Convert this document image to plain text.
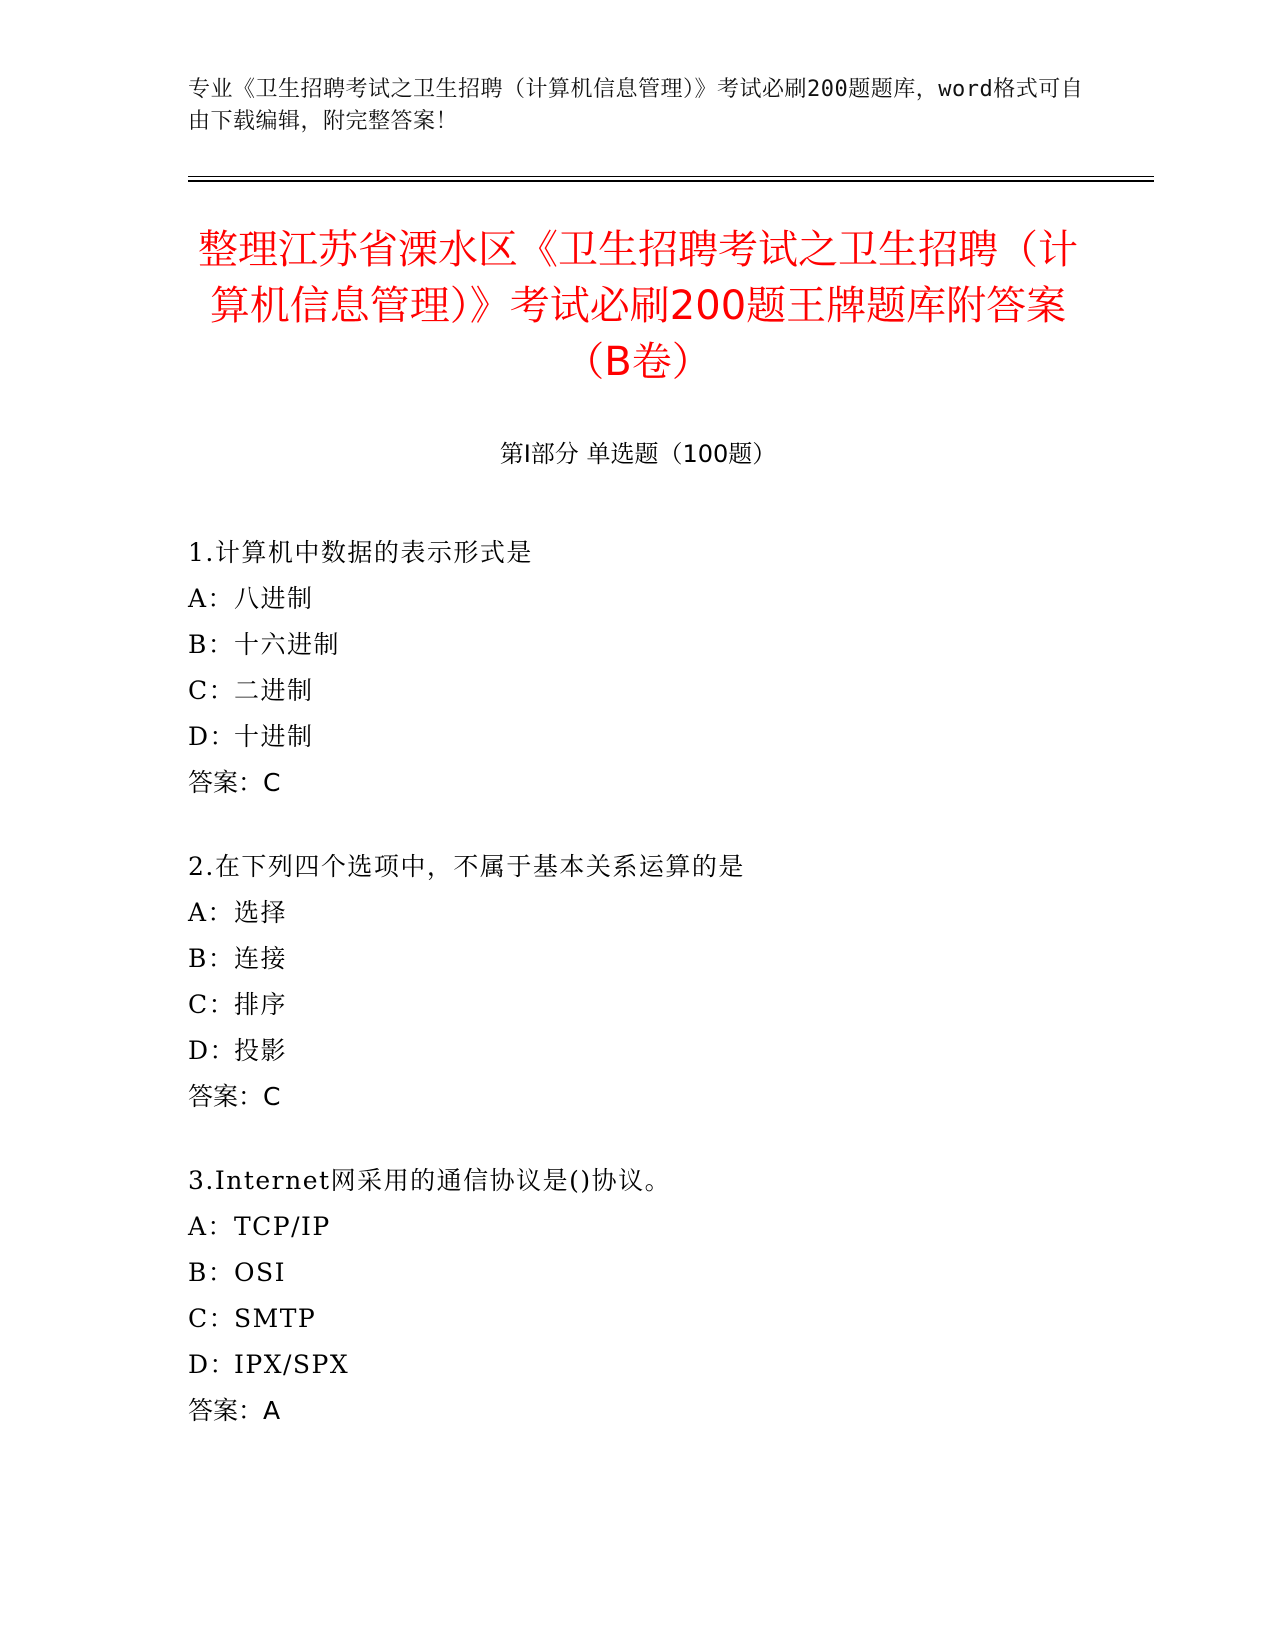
专业《卫生招聘考试之卫生招聘（计算机信息管理）》考试必刷200题题库，word格式可自由下载编辑，附完整答案！
整理江苏省溧水区《卫生招聘考试之卫生招聘（计算机信息管理）》考试必刷200题王牌题库附答案（B卷）
第Ⅰ部分 单选题（100题）
1.计算机中数据的表示形式是
A：八进制
B：十六进制
C：二进制
D：十进制
答案：C
2.在下列四个选项中，不属于基本关系运算的是
A：选择
B：连接
C：排序
D：投影
答案：C
3.Internet网采用的通信协议是()协议。
A：TCP/IP
B：OSI
C：SMTP
D：IPX/SPX
答案：A
